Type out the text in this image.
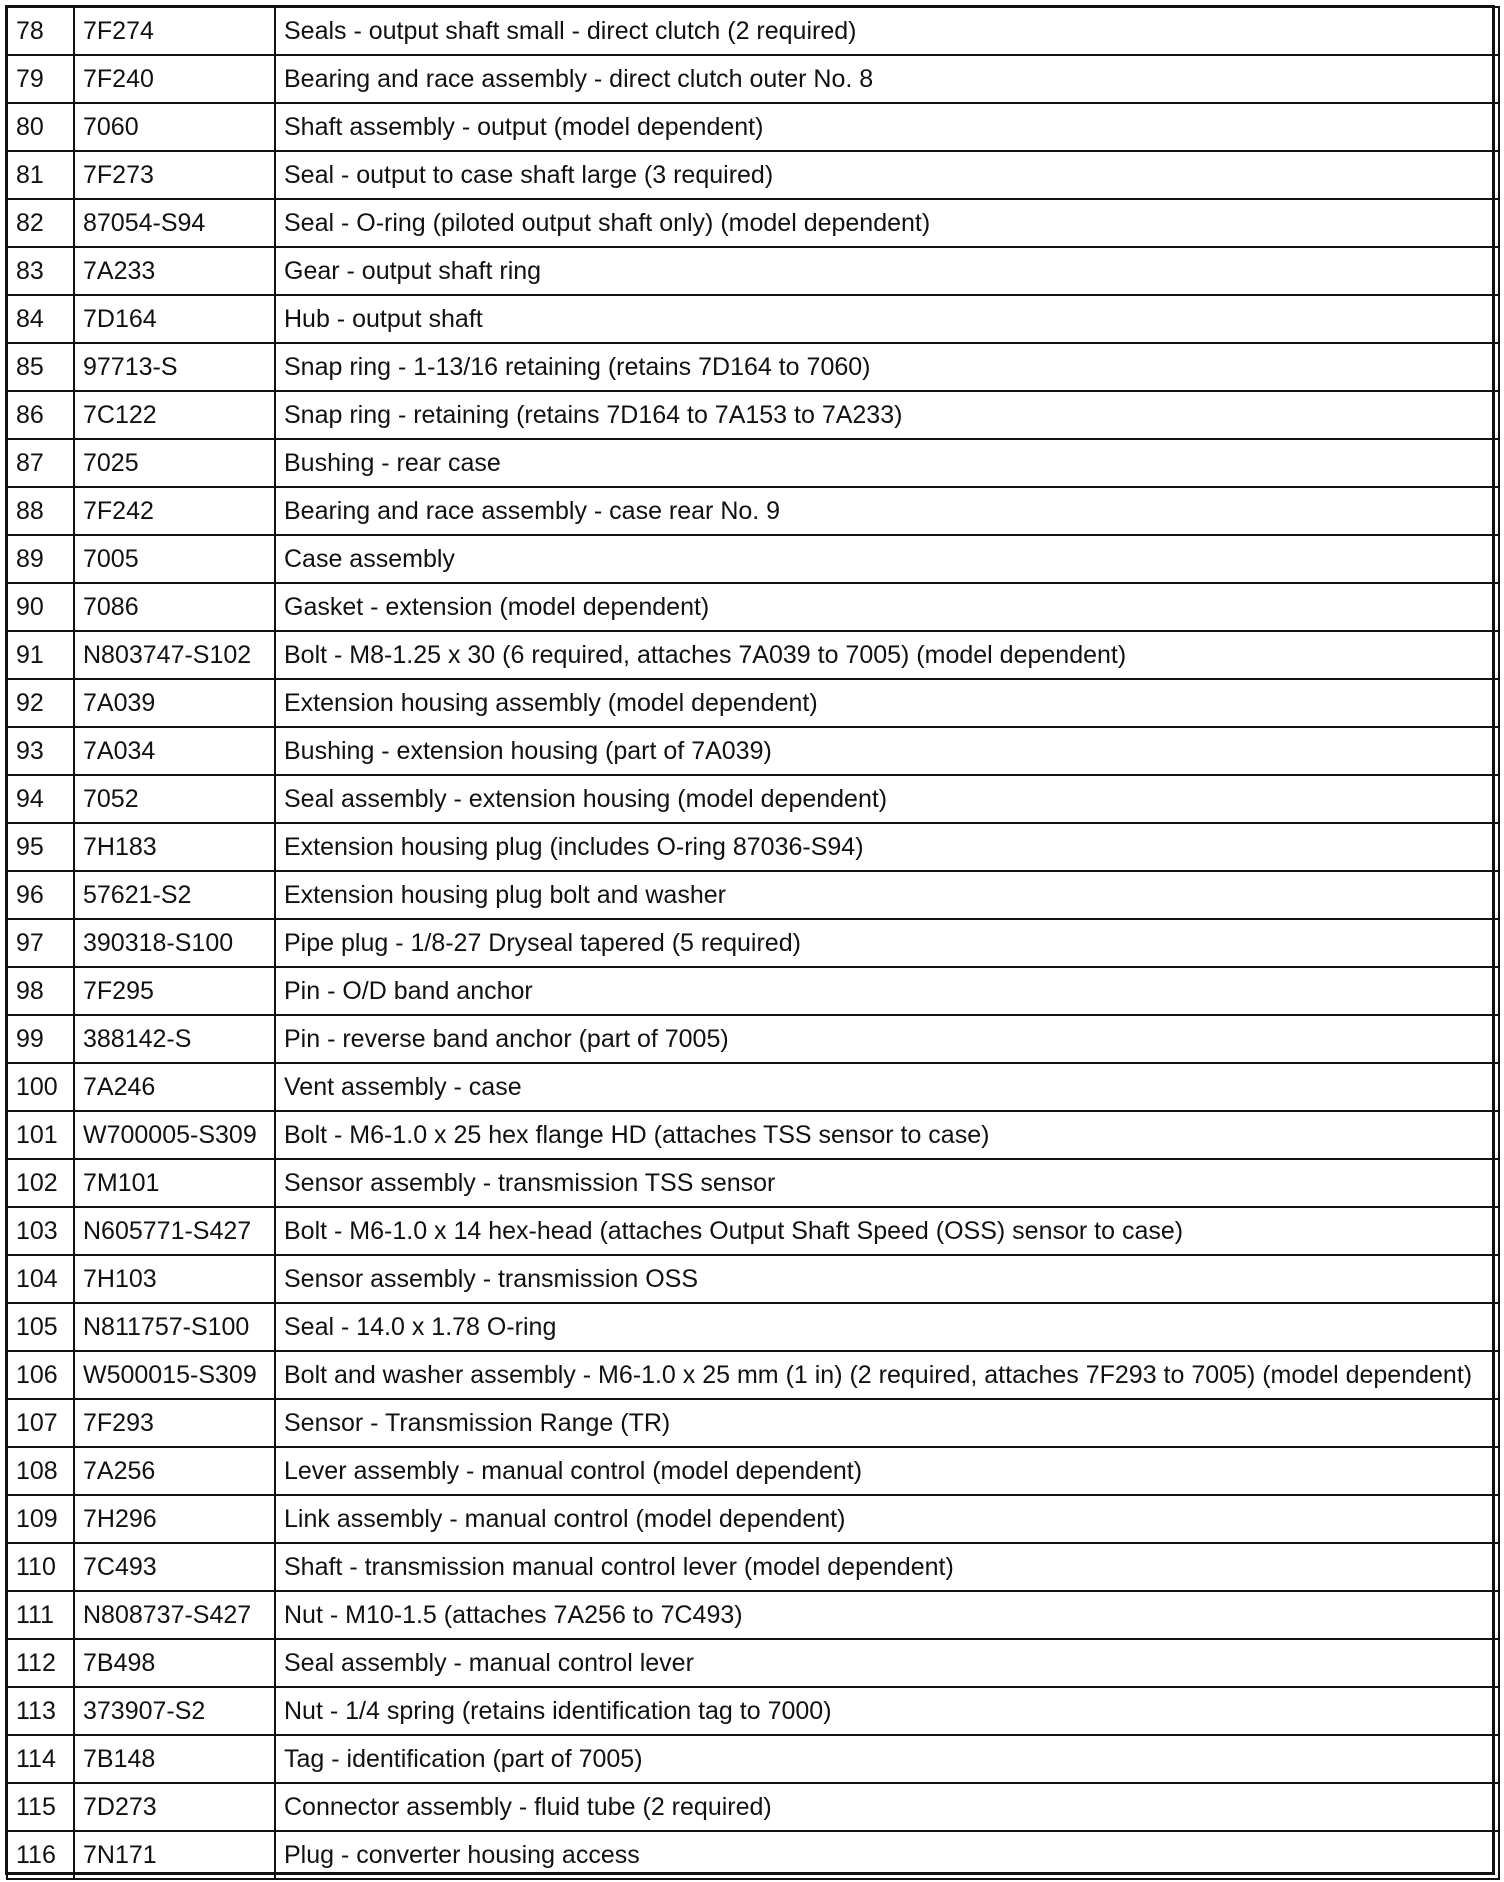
78	7F274	Seals - output shaft small - direct clutch (2 required)
79	7F240	Bearing and race assembly - direct clutch outer No. 8
80	7060	Shaft assembly - output (model dependent)
81	7F273	Seal - output to case shaft large (3 required)
82	87054-S94	Seal - O-ring (piloted output shaft only) (model dependent)
83	7A233	Gear - output shaft ring
84	7D164	Hub - output shaft
85	97713-S	Snap ring - 1-13/16 retaining (retains 7D164 to 7060)
86	7C122	Snap ring - retaining (retains 7D164 to 7A153 to 7A233)
87	7025	Bushing - rear case
88	7F242	Bearing and race assembly - case rear No. 9
89	7005	Case assembly
90	7086	Gasket - extension (model dependent)
91	N803747-S102	Bolt - M8-1.25 x 30 (6 required, attaches 7A039 to 7005) (model dependent)
92	7A039	Extension housing assembly (model dependent)
93	7A034	Bushing - extension housing (part of 7A039)
94	7052	Seal assembly - extension housing (model dependent)
95	7H183	Extension housing plug (includes O-ring 87036-S94)
96	57621-S2	Extension housing plug bolt and washer
97	390318-S100	Pipe plug - 1/8-27 Dryseal tapered (5 required)
98	7F295	Pin - O/D band anchor
99	388142-S	Pin - reverse band anchor (part of 7005)
100	7A246	Vent assembly - case
101	W700005-S309	Bolt - M6-1.0 x 25 hex flange HD (attaches TSS sensor to case)
102	7M101	Sensor assembly - transmission TSS sensor
103	N605771-S427	Bolt - M6-1.0 x 14 hex-head (attaches Output Shaft Speed (OSS) sensor to case)
104	7H103	Sensor assembly - transmission OSS
105	N811757-S100	Seal - 14.0 x 1.78 O-ring
106	W500015-S309	Bolt and washer assembly - M6-1.0 x 25 mm (1 in) (2 required, attaches 7F293 to 7005) (model dependent)
107	7F293	Sensor - Transmission Range (TR)
108	7A256	Lever assembly - manual control (model dependent)
109	7H296	Link assembly - manual control (model dependent)
110	7C493	Shaft - transmission manual control lever (model dependent)
111	N808737-S427	Nut - M10-1.5 (attaches 7A256 to 7C493)
112	7B498	Seal assembly - manual control lever
113	373907-S2	Nut - 1/4 spring (retains identification tag to 7000)
114	7B148	Tag - identification (part of 7005)
115	7D273	Connector assembly - fluid tube (2 required)
116	7N171	Plug - converter housing access
